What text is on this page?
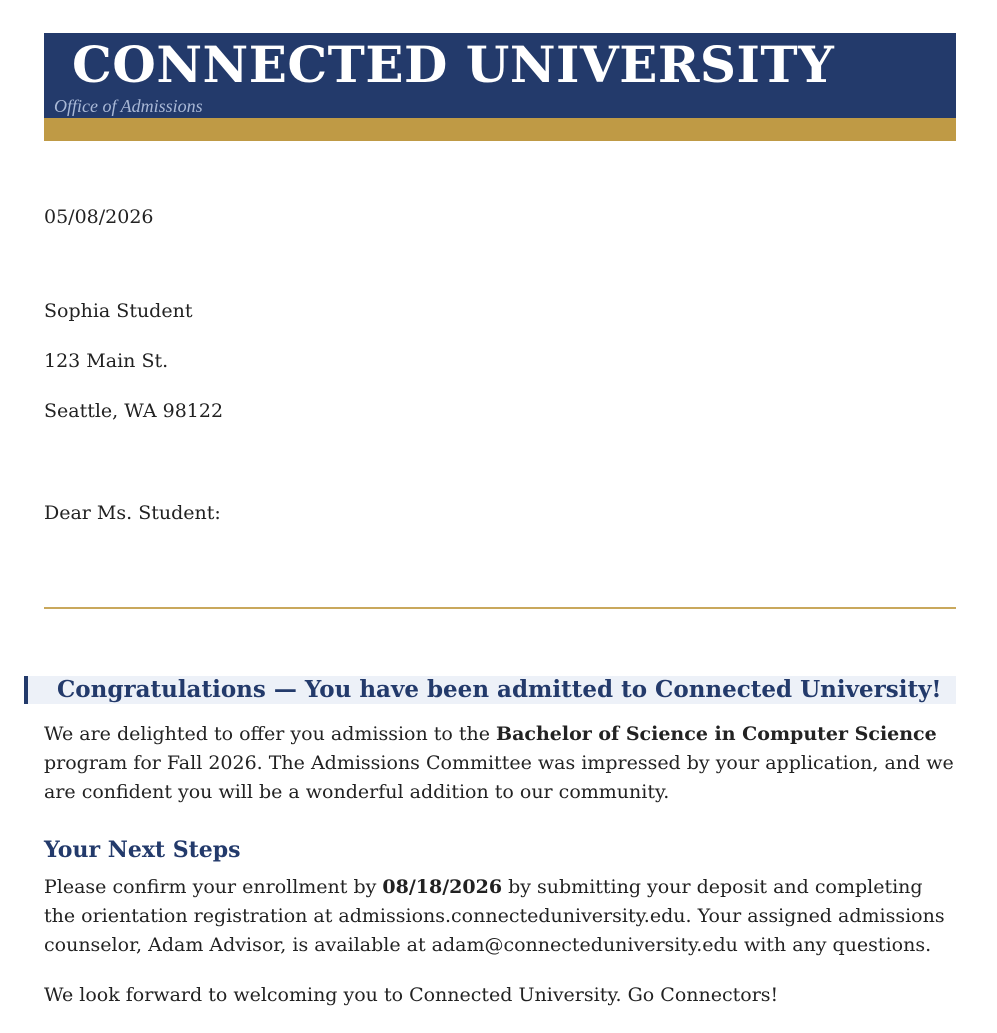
CONNECTED UNIVERSITY
Office of Admissions
05/08/2026
Sophia Student
123 Main St.
Seattle, WA 98122
Dear Ms. Student:
Congratulations — You have been admitted to Connected University!
We are delighted to offer you admission to the Bachelor of Science in Computer Science program for Fall 2026. The Admissions Committee was impressed by your application, and we are confident you will be a wonderful addition to our community.
Your Next Steps
Please confirm your enrollment by 08/18/2026 by submitting your deposit and completing the orientation registration at admissions.connecteduniversity.edu. Your assigned admissions counselor, Adam Advisor, is available at adam@connecteduniversity.edu with any questions.
We look forward to welcoming you to Connected University. Go Connectors!
